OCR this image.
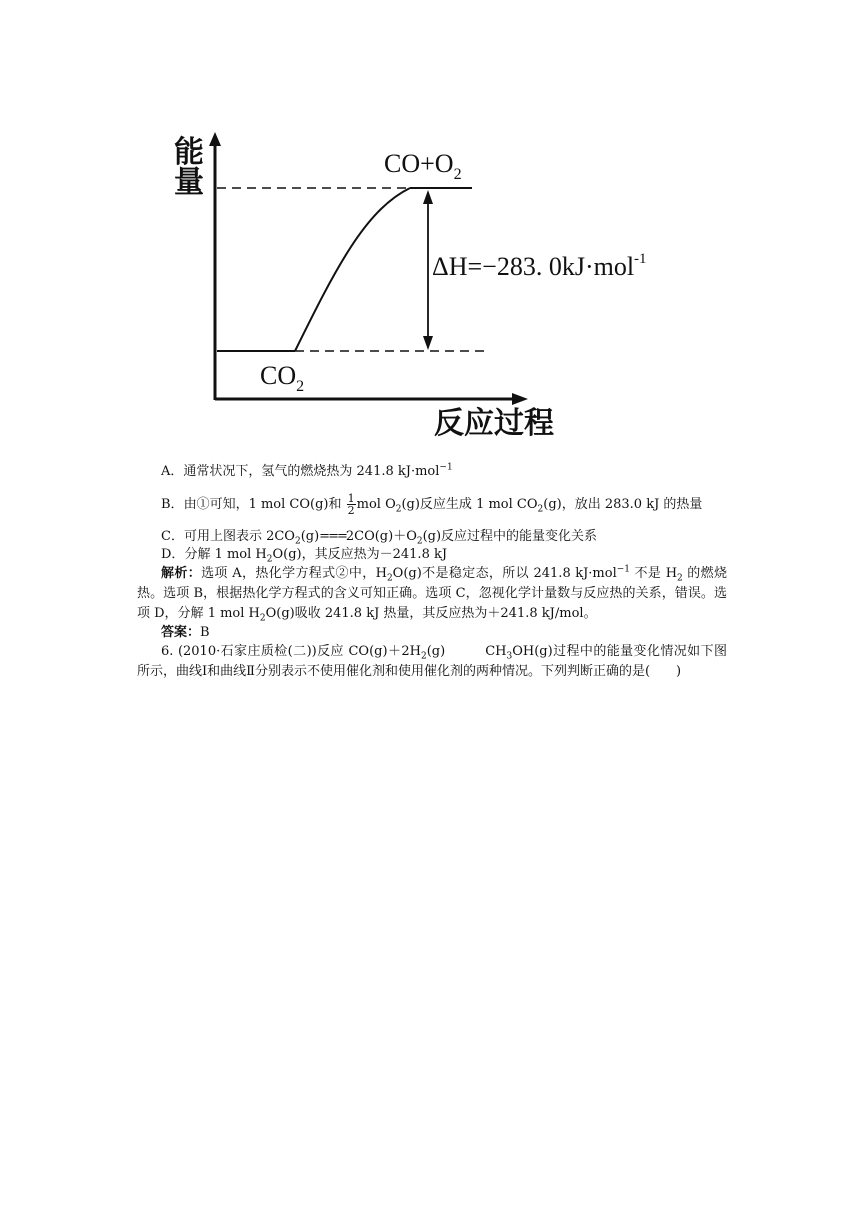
能
量
反应过程
$CO+O_2$
$CO_2$
ΔH=−283. 0kJ·mol$^{-1}$
A．通常状况下，氢气的燃烧热为 241.8 kJ·mol$^{-1}$
B．由①可知，1 mol CO(g)和 $\frac{1}{2}$ mol $O_2(g)$反应生成 1 mol $CO_2(g)$，放出 283.0 kJ 的热量
C．可用上图表示 $2CO_2(g)===2CO(g)+O_2(g)$反应过程中的能量变化关系
D．分解 1 mol $H_2O(g)$，其反应热为－241.8 kJ
解析：选项 A，热化学方程式②中，$H_2O(g)$不是稳定态，所以 241.8 kJ·mol$^{-1}$ 不是 $H_2$ 的燃烧热。选项 B，根据热化学方程式的含义可知正确。选项 C，忽视化学计量数与反应热的关系，错误。选项 D，分解 1 mol $H_2O(g)$吸收 241.8 kJ 热量，其反应热为＋241.8 kJ/mol。
答案：B
6. (2010·石家庄质检(二))反应 $CO(g)+2H_2(g)$	$CH_3OH(g)$过程中的能量变化情况如下图所示，曲线Ⅰ和曲线Ⅱ分别表示不使用催化剂和使用催化剂的两种情况。下列判断正确的是(　　)
